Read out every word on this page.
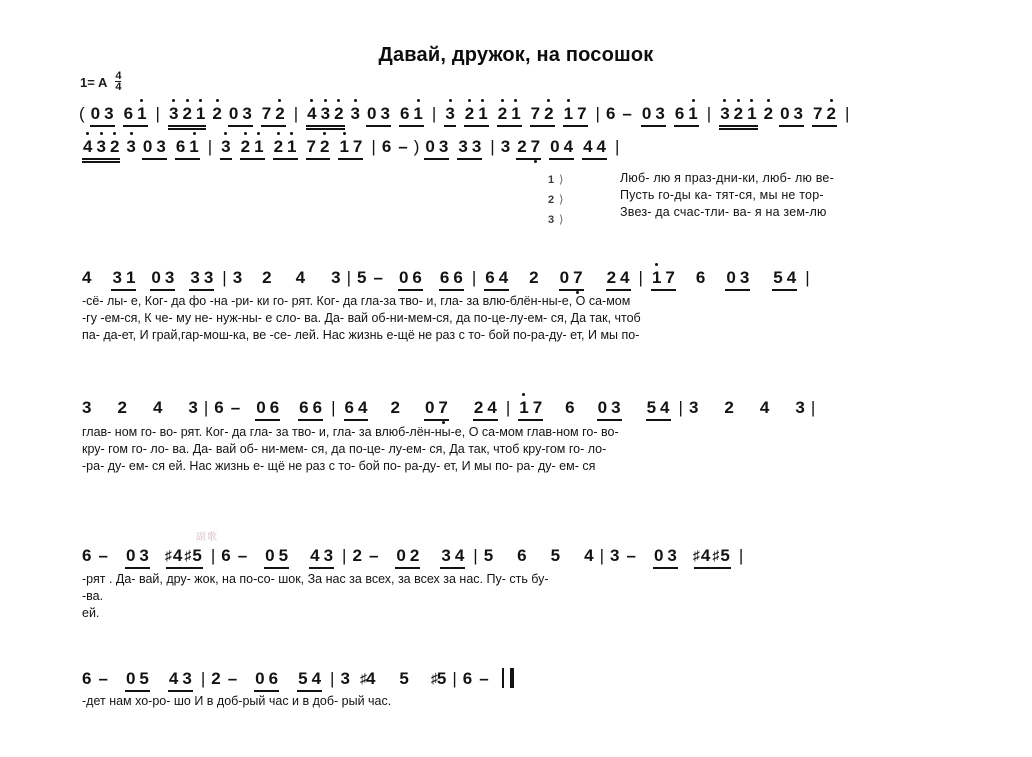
Давай, дружок, на посошок
1= A $\frac{4}{4}$
( 0 3 6 1 | 3 2 1 2 0 3 7 2 | 4 3 2 3 0 3 6 1 | 3 2 1 2 1 7 2 1 7 | 6 – 0 3 6 1 | 3 2 1 2 0 3 7 2 |
4 3 2 3 0 3 6 1 | 3 2 1 2 1 7 2 1 7 | 6 – ) 0 3 3 3 | 3 2 7 0 4 4 4 |
1 ⟩
2 ⟩
3 ⟩
Люб- лю я праз-дни-ки, люб- лю ве-
Пусть го-ды ка- тят-ся, мы не тор-
Звез- да счас-тли- ва- я на зем-лю
4 3 1 0 3 3 3 | 3 2 4 3 | 5 – 0 6 6 6 | 6 4 2 0 7 2 4 | 1 7 6 0 3 5 4 |
-сё- лы- е, Ког- да фо -на -ри- ки го- рят. Ког- да гла-за тво- и, гла- за влю-блён-ны-е, О са-мом
-гу -ем-ся, К че- му не- нуж-ны- е сло- ва. Да- вай об-ни-мем-ся, да по-це-лу-ем- ся, Да так, чтоб
па- да-ет, И грай,гар-мош-ка, ве -се- лей. Нас жизнь е-щё не раз с то- бой по-ра-ду- ет, И мы по-
3 2 4 3 | 6 – 0 6 6 6 | 6 4 2 0 7 2 4 | 1 7 6 0 3 5 4 | 3 2 4 3 |
глав- ном го- во- рят. Ког- да гла- за тво- и, гла- за влюб-лён-ны-е, О са-мом глав-ном го- во-
кру- гом го- ло- ва. Да- вай об- ни-мем- ся, да по-це- лу-ем- ся, Да так, чтоб кру-гом го- ло-
-ра- ду- ем- ся ей. Нас жизнь е- щё не раз с то- бой по- ра-ду- ет, И мы по- ра- ду- ем- ся
副歌
6 – 0 3 ♯4 ♯5 | 6 – 0 5 4 3 | 2 – 0 2 3 4 | 5 6 5 4 | 3 – 0 3 ♯4 ♯5 |
-рят . Да- вай, дру- жок, на по-со- шок, За нас за всех, за всех за нас. Пу- сть бу-
-ва.
ей.
6 – 0 5 4 3 | 2 – 0 6 5 4 | 3 ♯4 5 ♯5 | 6 –
-дет нам хо-ро- шо И в доб-рый час и в доб- рый час.
